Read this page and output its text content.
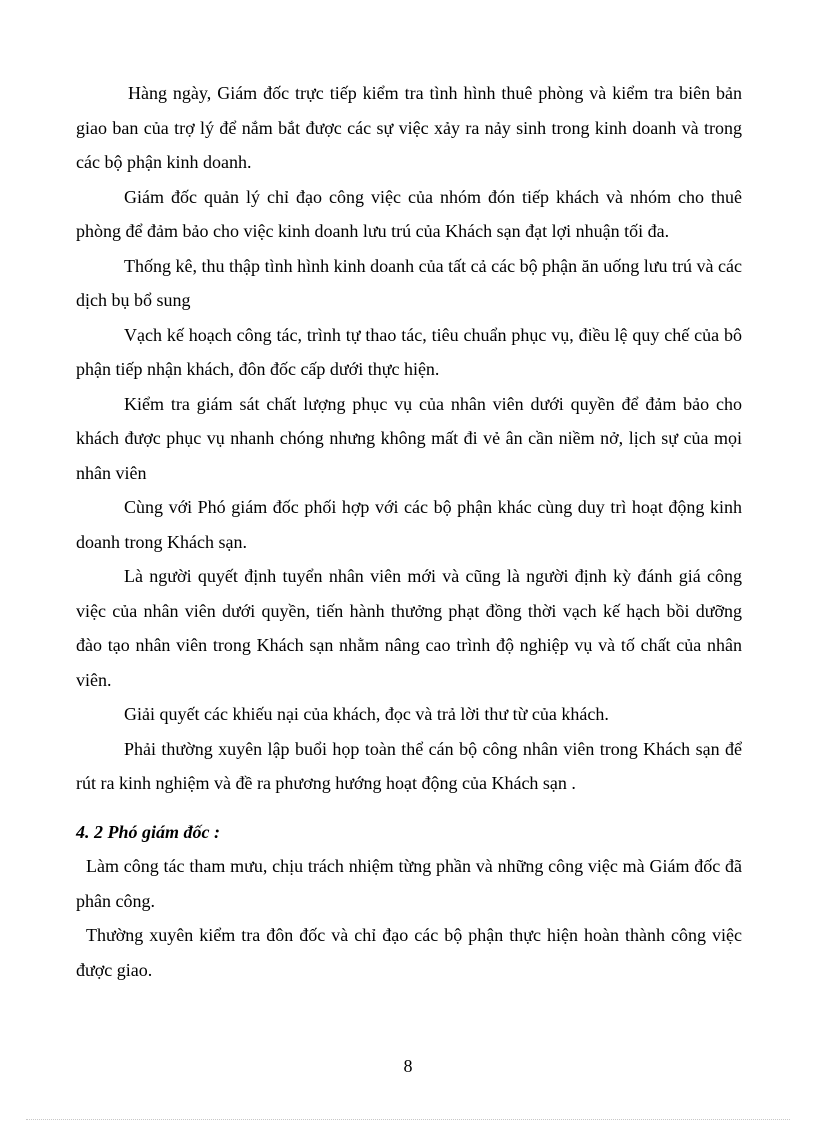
Hàng ngày, Giám đốc trực tiếp kiểm tra tình hình thuê phòng và kiểm tra biên bản giao ban của trợ lý để nắm bắt được các sự việc xảy ra nảy sinh trong kinh doanh và trong các bộ phận kinh doanh.

Giám đốc quản lý chỉ đạo công việc của nhóm đón tiếp khách và nhóm cho thuê phòng để đảm bảo cho việc kinh doanh lưu trú của Khách sạn đạt lợi nhuận tối đa.

Thống kê, thu thập tình hình kinh doanh của tất cả các bộ phận ăn uống lưu trú và các dịch bụ bổ sung

Vạch kế hoạch công tác, trình tự thao tác, tiêu chuẩn phục vụ, điều lệ quy chế của bô phận tiếp nhận khách, đôn đốc cấp dưới thực hiện.

Kiểm tra giám sát chất lượng phục vụ của nhân viên dưới quyền để đảm bảo cho khách được phục vụ nhanh chóng nhưng không mất đi vẻ ân cần niềm nở, lịch sự của mọi nhân viên

Cùng với Phó giám đốc phối hợp với các bộ phận khác cùng duy trì hoạt động kinh doanh trong Khách sạn.

Là người quyết định tuyển nhân viên mới và cũng là người định kỳ đánh giá công việc của nhân viên dưới quyền, tiến hành thưởng phạt đồng thời vạch kế hạch bồi dưỡng đào tạo nhân viên trong Khách sạn nhằm nâng cao trình độ nghiệp vụ và tố chất của nhân viên.

Giải quyết các khiếu nại của khách, đọc và trả lời thư từ của khách.

Phải thường xuyên lập buổi họp toàn thể cán bộ công nhân viên trong Khách sạn để rút ra kinh nghiệm và đề ra phương hướng hoạt động của Khách sạn .

4. 2 Phó giám đốc :

Làm công tác tham mưu, chịu trách nhiệm từng phần và những công việc mà Giám đốc đã phân công.

Thường xuyên kiểm tra đôn đốc và chỉ đạo các bộ phận thực hiện hoàn thành công việc được giao.

8
